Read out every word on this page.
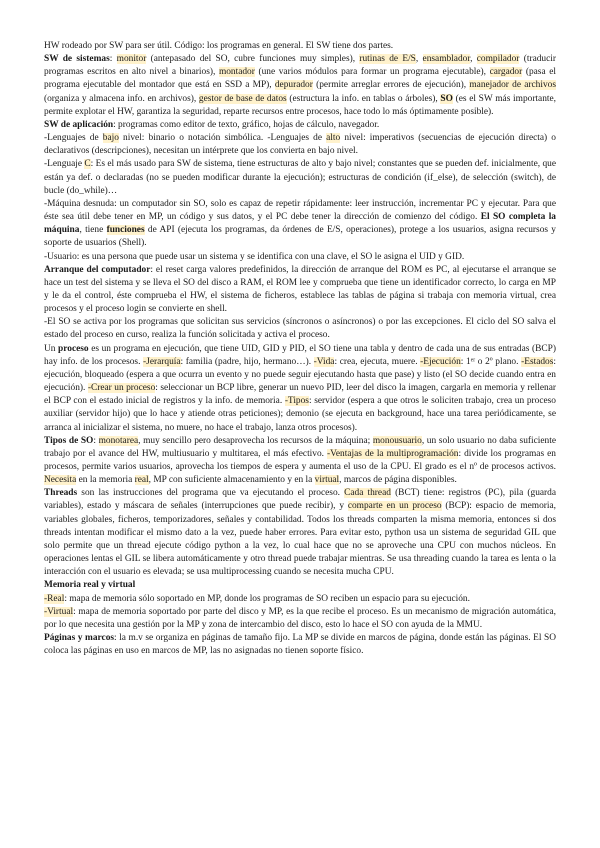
HW rodeado por SW para ser útil. Código: los programas en general. El SW tiene dos partes.

SW de sistemas: monitor (antepasado del SO, cubre funciones muy simples), rutinas de E/S, ensamblador, compilador (traducir programas escritos en alto nivel a binarios), montador (une varios módulos para formar un programa ejecutable), cargador (pasa el programa ejecutable del montador que está en SSD a MP), depurador (permite arreglar errores de ejecución), manejador de archivos (organiza y almacena info. en archivos), gestor de base de datos (estructura la info. en tablas o árboles), SO (es el SW más importante, permite explotar el HW, garantiza la seguridad, reparte recursos entre procesos, hace todo lo más óptimamente posible).

SW de aplicación: programas como editor de texto, gráfico, hojas de cálculo, navegador.

-Lenguajes de bajo nivel: binario o notación simbólica. -Lenguajes de alto nivel: imperativos (secuencias de ejecución directa) o declarativos (descripciones), necesitan un intérprete que los convierta en bajo nivel.

-Lenguaje C: Es el más usado para SW de sistema, tiene estructuras de alto y bajo nivel; constantes que se pueden def. inicialmente, que están ya def. o declaradas (no se pueden modificar durante la ejecución); estructuras de condición (if_else), de selección (switch), de bucle (do_while)…

-Máquina desnuda: un computador sin SO, solo es capaz de repetir rápidamente: leer instrucción, incrementar PC y ejecutar. Para que éste sea útil debe tener en MP, un código y sus datos, y el PC debe tener la dirección de comienzo del código. El SO completa la máquina, tiene funciones de API (ejecuta los programas, da órdenes de E/S, operaciones), protege a los usuarios, asigna recursos y soporte de usuarios (Shell).

-Usuario: es una persona que puede usar un sistema y se identifica con una clave, el SO le asigna el UID y GID.

Arranque del computador: el reset carga valores predefinidos, la dirección de arranque del ROM es PC, al ejecutarse el arranque se hace un test del sistema y se lleva el SO del disco a RAM, el ROM lee y comprueba que tiene un identificador correcto, lo carga en MP y le da el control, éste comprueba el HW, el sistema de ficheros, establece las tablas de página si trabaja con memoria virtual, crea procesos y el proceso login se convierte en shell.

-El SO se activa por los programas que solicitan sus servicios (síncronos o asíncronos) o por las excepciones. El ciclo del SO salva el estado del proceso en curso, realiza la función solicitada y activa el proceso.

Un proceso es un programa en ejecución, que tiene UID, GID y PID, el SO tiene una tabla y dentro de cada una de sus entradas (BCP) hay info. de los procesos. -Jerarquía: familia (padre, hijo, hermano…). -Vida: crea, ejecuta, muere. -Ejecución: 1ᵉʳ o 2º plano. -Estados: ejecución, bloqueado (espera a que ocurra un evento y no puede seguir ejecutando hasta que pase) y listo (el SO decide cuando entra en ejecución). -Crear un proceso: seleccionar un BCP libre, generar un nuevo PID, leer del disco la imagen, cargarla en memoria y rellenar el BCP con el estado inicial de registros y la info. de memoria. -Tipos: servidor (espera a que otros le soliciten trabajo, crea un proceso auxiliar (servidor hijo) que lo hace y atiende otras peticiones); demonio (se ejecuta en background, hace una tarea periódicamente, se arranca al inicializar el sistema, no muere, no hace el trabajo, lanza otros procesos).

Tipos de SO: monotarea, muy sencillo pero desaprovecha los recursos de la máquina; monousuario, un solo usuario no daba suficiente trabajo por el avance del HW, multiusuario y multitarea, el más efectivo. -Ventajas de la multiprogramación: divide los programas en procesos, permite varios usuarios, aprovecha los tiempos de espera y aumenta el uso de la CPU. El grado es el nº de procesos activos. Necesita en la memoria real, MP con suficiente almacenamiento y en la virtual, marcos de página disponibles.

Threads son las instrucciones del programa que va ejecutando el proceso. Cada thread (BCT) tiene: registros (PC), pila (guarda variables), estado y máscara de señales (interrupciones que puede recibir), y comparte en un proceso (BCP): espacio de memoria, variables globales, ficheros, temporizadores, señales y contabilidad. Todos los threads comparten la misma memoria, entonces si dos threads intentan modificar el mismo dato a la vez, puede haber errores. Para evitar esto, python usa un sistema de seguridad GIL que solo permite que un thread ejecute código python a la vez, lo cual hace que no se aproveche una CPU con muchos núcleos. En operaciones lentas el GIL se libera automáticamente y otro thread puede trabajar mientras. Se usa threading cuando la tarea es lenta o la interacción con el usuario es elevada; se usa multiprocessing cuando se necesita mucha CPU.

Memoria real y virtual

-Real: mapa de memoria sólo soportado en MP, donde los programas de SO reciben un espacio para su ejecución.

-Virtual: mapa de memoria soportado por parte del disco y MP, es la que recibe el proceso. Es un mecanismo de migración automática, por lo que necesita una gestión por la MP y zona de intercambio del disco, esto lo hace el SO con ayuda de la MMU.

Páginas y marcos: la m.v se organiza en páginas de tamaño fijo. La MP se divide en marcos de página, donde están las páginas. El SO coloca las páginas en uso en marcos de MP, las no asignadas no tienen soporte físico.
